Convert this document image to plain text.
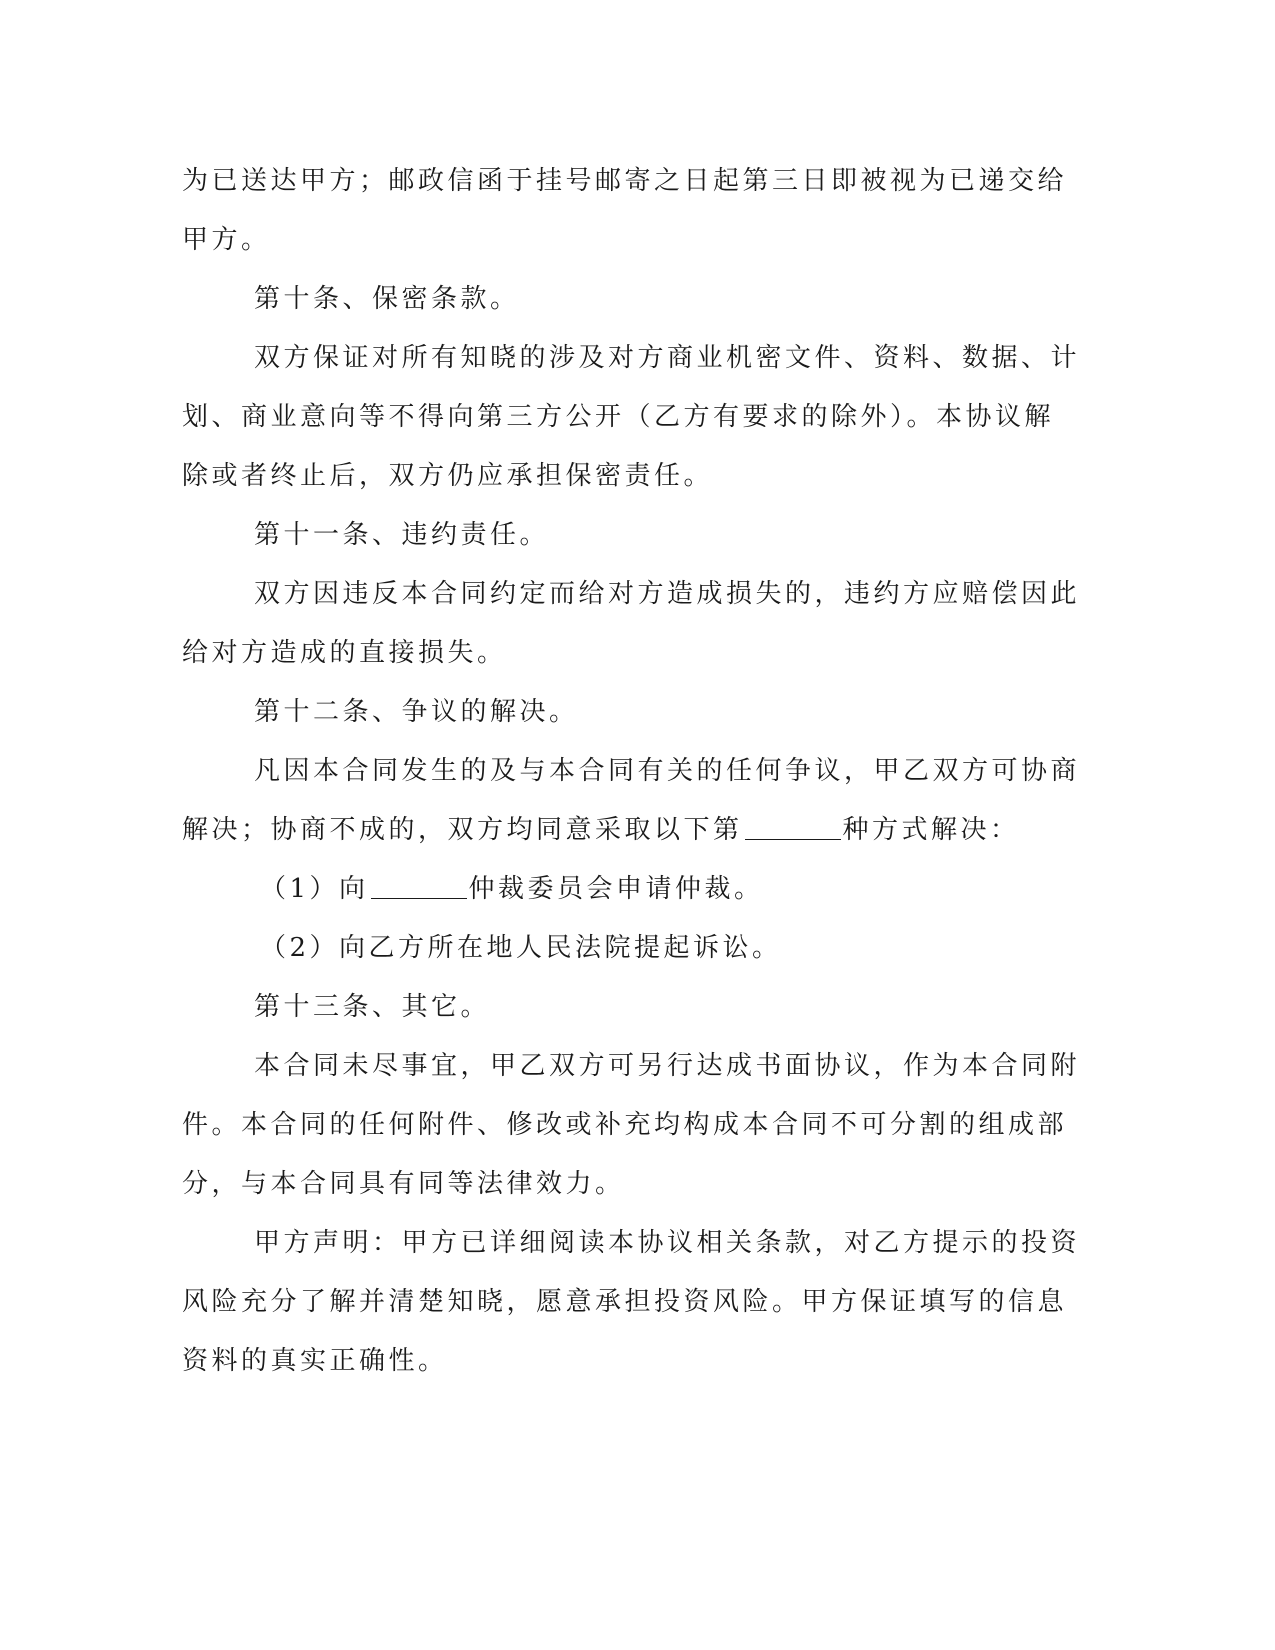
为已送达甲方；邮政信函于挂号邮寄之日起第三日即被视为已递交给
甲方。
第十条、保密条款。
双方保证对所有知晓的涉及对方商业机密文件、资料、数据、计
划、商业意向等不得向第三方公开（乙方有要求的除外）。本协议解
除或者终止后，双方仍应承担保密责任。
第十一条、违约责任。
双方因违反本合同约定而给对方造成损失的，违约方应赔偿因此
给对方造成的直接损失。
第十二条、争议的解决。
凡因本合同发生的及与本合同有关的任何争议，甲乙双方可协商
解决；协商不成的，双方均同意采取以下第	种方式解决：
（1）向	仲裁委员会申请仲裁。
（2）向乙方所在地人民法院提起诉讼。
第十三条、其它。
本合同未尽事宜，甲乙双方可另行达成书面协议，作为本合同附
件。本合同的任何附件、修改或补充均构成本合同不可分割的组成部
分，与本合同具有同等法律效力。
甲方声明：甲方已详细阅读本协议相关条款，对乙方提示的投资
风险充分了解并清楚知晓，愿意承担投资风险。甲方保证填写的信息
资料的真实正确性。
